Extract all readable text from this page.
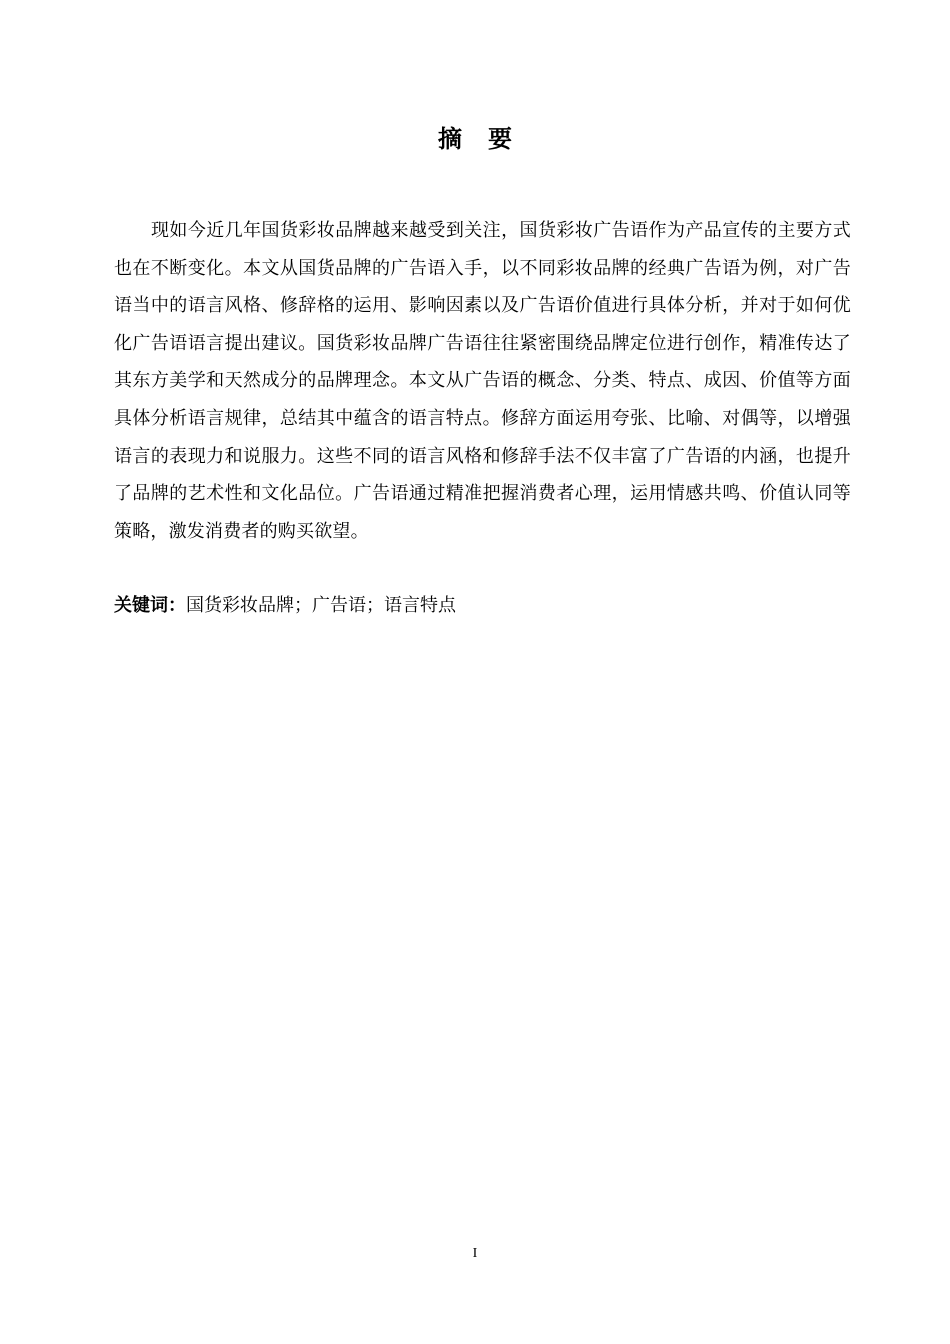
摘要

现如今近几年国货彩妆品牌越来越受到关注，国货彩妆广告语作为产品宣传的主要方式也在不断变化。本文从国货品牌的广告语入手，以不同彩妆品牌的经典广告语为例，对广告语当中的语言风格、修辞格的运用、影响因素以及广告语价值进行具体分析，并对于如何优化广告语语言提出建议。国货彩妆品牌广告语往往紧密围绕品牌定位进行创作，精准传达了其东方美学和天然成分的品牌理念。本文从广告语的概念、分类、特点、成因、价值等方面具体分析语言规律，总结其中蕴含的语言特点。修辞方面运用夸张、比喻、对偶等，以增强语言的表现力和说服力。这些不同的语言风格和修辞手法不仅丰富了广告语的内涵，也提升了品牌的艺术性和文化品位。广告语通过精准把握消费者心理，运用情感共鸣、价值认同等策略，激发消费者的购买欲望。

关键词：国货彩妆品牌；广告语；语言特点
I
